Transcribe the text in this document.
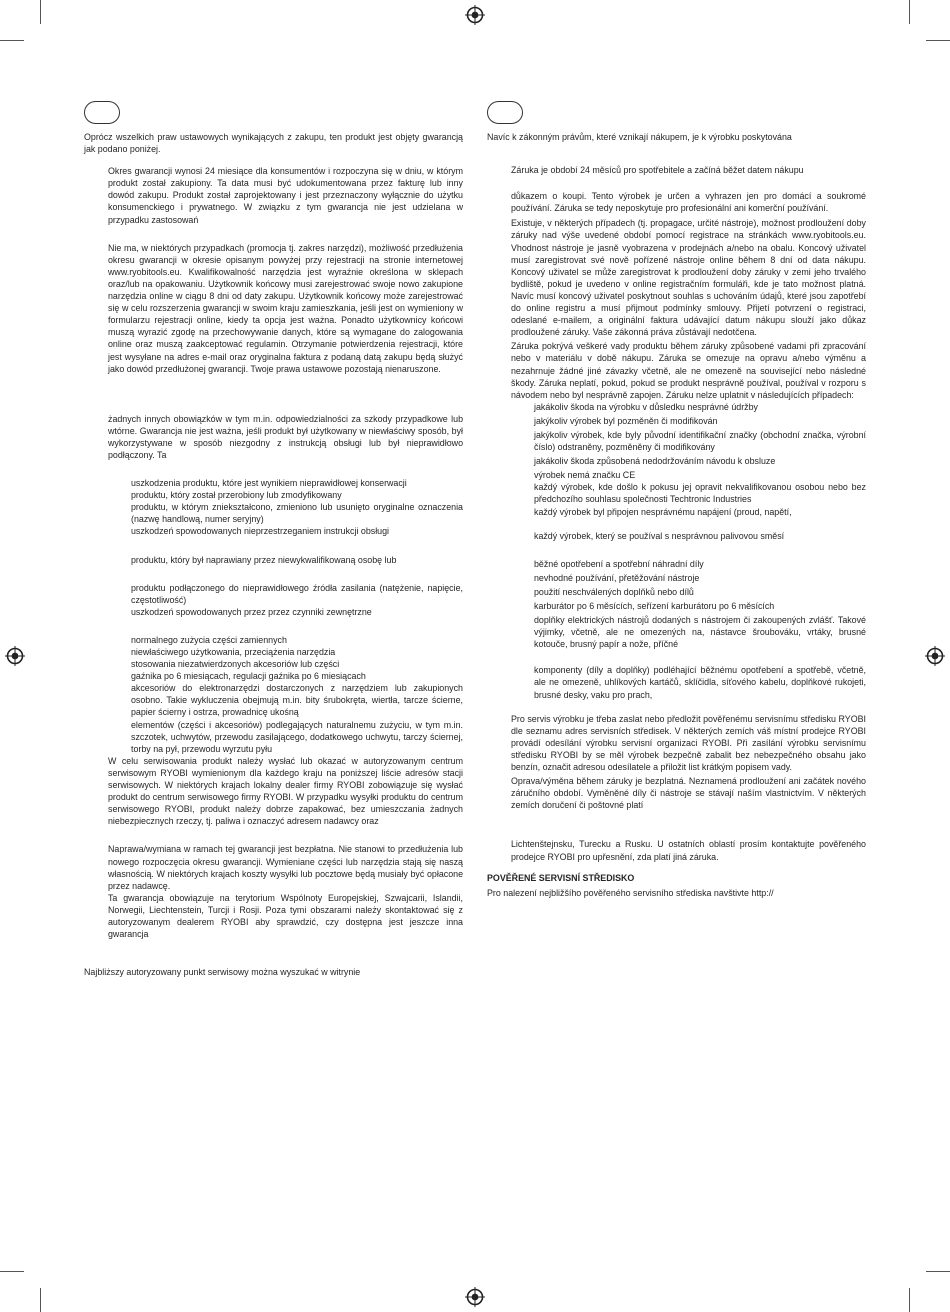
Oprócz wszelkich praw ustawowych wynikających z zakupu, ten produkt jest objęty gwarancją jak podano poniżej.

Okres gwarancji wynosi 24 miesiące dla konsumentów i rozpoczyna się w dniu, w którym produkt został zakupiony. Ta data musi być udokumentowana przez fakturę lub inny dowód zakupu. Produkt został zaprojektowany i jest przeznaczony wyłącznie do użytku konsumenckiego i prywatnego. W związku z tym gwarancja nie jest udzielana w przypadku zastosowań

Nie ma, w niektórych przypadkach (promocja tj. zakres narzędzi), możliwość przedłużenia okresu gwarancji w okresie opisanym powyżej przy rejestracji na stronie internetowej www.ryobitools.eu. Kwalifikowalność narzędzia jest wyraźnie określona w sklepach oraz/lub na opakowaniu. Użytkownik końcowy musi zarejestrować swoje nowo zakupione narzędzia online w ciągu 8 dni od daty zakupu. Użytkownik końcowy może zarejestrować się w celu rozszerzenia gwarancji w swoim kraju zamieszkania, jeśli jest on wymieniony w formularzu rejestracji online, kiedy ta opcja jest ważna. Ponadto użytkownicy końcowi muszą wyrazić zgodę na przechowywanie danych, które są wymagane do zalogowania online oraz muszą zaakceptować regulamin. Otrzymanie potwierdzenia rejestracji, które jest wysyłane na adres e-mail oraz oryginalna faktura z podaną datą zakupu będą służyć jako dowód przedłużonej gwarancji. Twoje prawa ustawowe pozostają nienaruszone.

żadnych innych obowiązków w tym m.in. odpowiedzialności za szkody przypadkowe lub wtórne. Gwarancja nie jest ważna, jeśli produkt był użytkowany w niewłaściwy sposób, był wykorzystywane w sposób niezgodny z instrukcją obsługi lub był nieprawidłowo podłączony. Ta

uszkodzenia produktu, które jest wynikiem nieprawidłowej konserwacji

produktu, który został przerobiony lub zmodyfikowany

produktu, w którym zniekształcono, zmieniono lub usunięto oryginalne oznaczenia (nazwę handlową, numer seryjny)

uszkodzeń spowodowanych nieprzestrzeganiem instrukcji obsługi

produktu, który był naprawiany przez niewykwalifikowaną osobę lub

produktu podłączonego do nieprawidłowego źródła zasilania (natężenie, napięcie, częstotliwość)

uszkodzeń spowodowanych przez przez czynniki zewnętrzne

normalnego zużycia części zamiennych

niewłaściwego użytkowania, przeciążenia narzędzia

stosowania niezatwierdzonych akcesoriów lub części

gaźnika po 6 miesiącach, regulacji gaźnika po 6 miesiącach

akcesoriów do elektronarzędzi dostarczonych z narzędziem lub zakupionych osobno. Takie wykluczenia obejmują m.in. bity śrubokręta, wiertła, tarcze ścierne, papier ścierny i ostrza, prowadnicę ukośną

elementów (części i akcesoriów) podlegających naturalnemu zużyciu, w tym m.in. szczotek, uchwytów, przewodu zasilającego, dodatkowego uchwytu, tarczy ściernej, torby na pył, przewodu wyrzutu pyłu

W celu serwisowania produkt należy wysłać lub okazać w autoryzowanym centrum serwisowym RYOBI wymienionym dla każdego kraju na poniższej liście adresów stacji serwisowych. W niektórych krajach lokalny dealer firmy RYOBI zobowiązuje się wysłać produkt do centrum serwisowego firmy RYOBI. W przypadku wysyłki produktu do centrum serwisowego RYOBI, produkt należy dobrze zapakować, bez umieszczania żadnych niebezpiecznych rzeczy, tj. paliwa i oznaczyć adresem nadawcy oraz

Naprawa/wymiana w ramach tej gwarancji jest bezpłatna. Nie stanowi to przedłużenia lub nowego rozpoczęcia okresu gwarancji. Wymieniane części lub narzędzia stają się naszą własnością. W niektórych krajach koszty wysyłki lub pocztowe będą musiały być opłacone przez nadawcę.

Ta gwarancja obowiązuje na terytorium Wspólnoty Europejskiej, Szwajcarii, Islandii, Norwegii, Liechtenstein, Turcji i Rosji. Poza tymi obszarami należy skontaktować się z autoryzowanym dealerem RYOBI aby sprawdzić, czy dostępna jest jeszcze inna gwarancja

Najbliższy autoryzowany punkt serwisowy można wyszukać w witrynie

Navíc k zákonným právům, které vznikají nákupem, je k výrobku poskytována

Záruka je období 24 měsíců pro spotřebitele a začíná běžet datem nákupu

důkazem o koupi. Tento výrobek je určen a vyhrazen jen pro domácí a soukromé používání. Záruka se tedy neposkytuje pro profesionální ani komerční používání.

Existuje, v některých případech (tj. propagace, určité nástroje), možnost prodloužení doby záruky nad výše uvedené období pomocí registrace na stránkách www.ryobitools.eu. Vhodnost nástroje je jasně vyobrazena v prodejnách a/nebo na obalu. Koncový uživatel musí zaregistrovat své nově pořízené nástroje online během 8 dní od data nákupu. Koncový uživatel se může zaregistrovat k prodloužení doby záruky v zemi jeho trvalého bydliště, pokud je uvedeno v online registračním formuláři, kde je tato možnost platná. Navíc musí koncový uživatel poskytnout souhlas s uchováním údajů, které jsou zapotřebí do online registru a musí přijmout podmínky smlouvy. Přijetí potvrzení o registraci, odeslané e-mailem, a originální faktura udávající datum nákupu slouží jako důkaz prodloužené záruky. Vaše zákonná práva zůstávají nedotčena.

Záruka pokrývá veškeré vady produktu během záruky způsobené vadami při zpracování nebo v materiálu v době nákupu. Záruka se omezuje na opravu a/nebo výměnu a nezahrnuje žádné jiné závazky včetně, ale ne omezeně na související nebo následné škody. Záruka neplatí, pokud, pokud se produkt nesprávně používal, používal v rozporu s návodem nebo byl nesprávně zapojen. Záruku nelze uplatnit v následujících případech:

jakákoliv škoda na výrobku v důsledku nesprávné údržby

jakýkoliv výrobek byl pozměněn či modifikován

jakýkoliv výrobek, kde byly původní identifikační značky (obchodní značka, výrobní číslo) odstraněny, pozměněny či modifikovány

jakákoliv škoda způsobená nedodržováním návodu k obsluze

výrobek nemá značku CE

každý výrobek, kde došlo k pokusu jej opravit nekvalifikovanou osobou nebo bez předchozího souhlasu společnosti Techtronic Industries

každý výrobek byl připojen nesprávnému napájení (proud, napětí,

každý výrobek, který se používal s nesprávnou palivovou směsí

běžné opotřebení a spotřební náhradní díly

nevhodné používání, přetěžování nástroje

použití neschválených doplňků nebo dílů

karburátor po 6 měsících, seřízení karburátoru po 6 měsících

doplňky elektrických nástrojů dodaných s nástrojem či zakoupených zvlášť. Takové výjimky, včetně, ale ne omezených na, nástavce šroubováku, vrtáky, brusné kotouče, brusný papír a nože, příčné

komponenty (díly a doplňky) podléhající běžnému opotřebení a spotřebě, včetně, ale ne omezeně, uhlíkových kartáčů, sklíčidla, síťového kabelu, doplňkové rukojeti, brusné desky, vaku pro prach,

Pro servis výrobku je třeba zaslat nebo předložit pověřenému servisnímu středisku RYOBI dle seznamu adres servisních středisek. V některých zemích váš místní prodejce RYOBI provádí odesílání výrobku servisní organizaci RYOBI. Při zasílání výrobku servisnímu středisku RYOBI by se měl výrobek bezpečně zabalit bez nebezpečného obsahu jako benzín, označit adresou odesílatele a přiložit list krátkým popisem vady.

Oprava/výměna během záruky je bezplatná. Neznamená prodloužení ani začátek nového záručního období. Vyměněné díly či nástroje se stávají naším vlastnictvím. V některých zemích doručení či poštovné platí

Lichtenštejnsku, Turecku a Rusku. U ostatních oblastí prosím kontaktujte pověřeného prodejce RYOBI pro upřesnění, zda platí jiná záruka.

POVĚŘENÉ SERVISNÍ STŘEDISKO

Pro nalezení nejbližšího pověřeného servisního střediska navštivte http://
